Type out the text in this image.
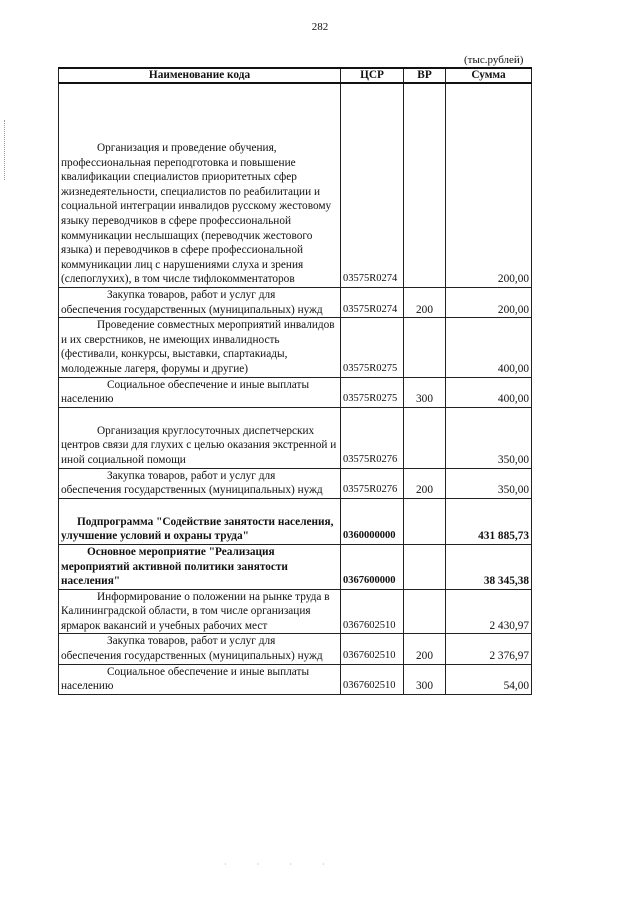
282
(тыс.рублей)
Наименование кода	ЦСР	ВР	Сумма
Организация и проведение обучения, профессиональная переподготовка и повышение квалификации специалистов приоритетных сфер жизнедеятельности, специалистов по реабилитации и социальной интеграции инвалидов русскому жестовому языку переводчиков в сфере профессиональной коммуникации неслышащих (переводчик жестового языка) и переводчиков в сфере профессиональной коммуникации лиц с нарушениями слуха и зрения (слепоглухих), в том числе тифлокомментаторов	03575R0274		200,00
Закупка товаров, работ и услуг для обеспечения государственных (муниципальных) нужд	03575R0274	200	200,00
Проведение совместных мероприятий инвалидов и их сверстников, не имеющих инвалидность (фестивали, конкурсы, выставки, спартакиады, молодежные лагеря, форумы и другие)	03575R0275		400,00
Социальное обеспечение и иные выплаты населению	03575R0275	300	400,00
Организация круглосуточных диспетчерских центров связи для глухих с целью оказания экстренной и иной социальной помощи	03575R0276		350,00
Закупка товаров, работ и услуг для обеспечения государственных (муниципальных) нужд	03575R0276	200	350,00
Подпрограмма "Содействие занятости населения, улучшение условий и охраны труда"	0360000000		431 885,73
Основное мероприятие "Реализация мероприятий активной политики занятости населения"	0367600000		38 345,38
Информирование о положении на рынке труда в Калининградской области, в том числе организация ярмарок вакансий и учебных рабочих мест	0367602510		2 430,97
Закупка товаров, работ и услуг для обеспечения государственных (муниципальных) нужд	0367602510	200	2 376,97
Социальное обеспечение и иные выплаты населению	0367602510	300	54,00
· · · ·
